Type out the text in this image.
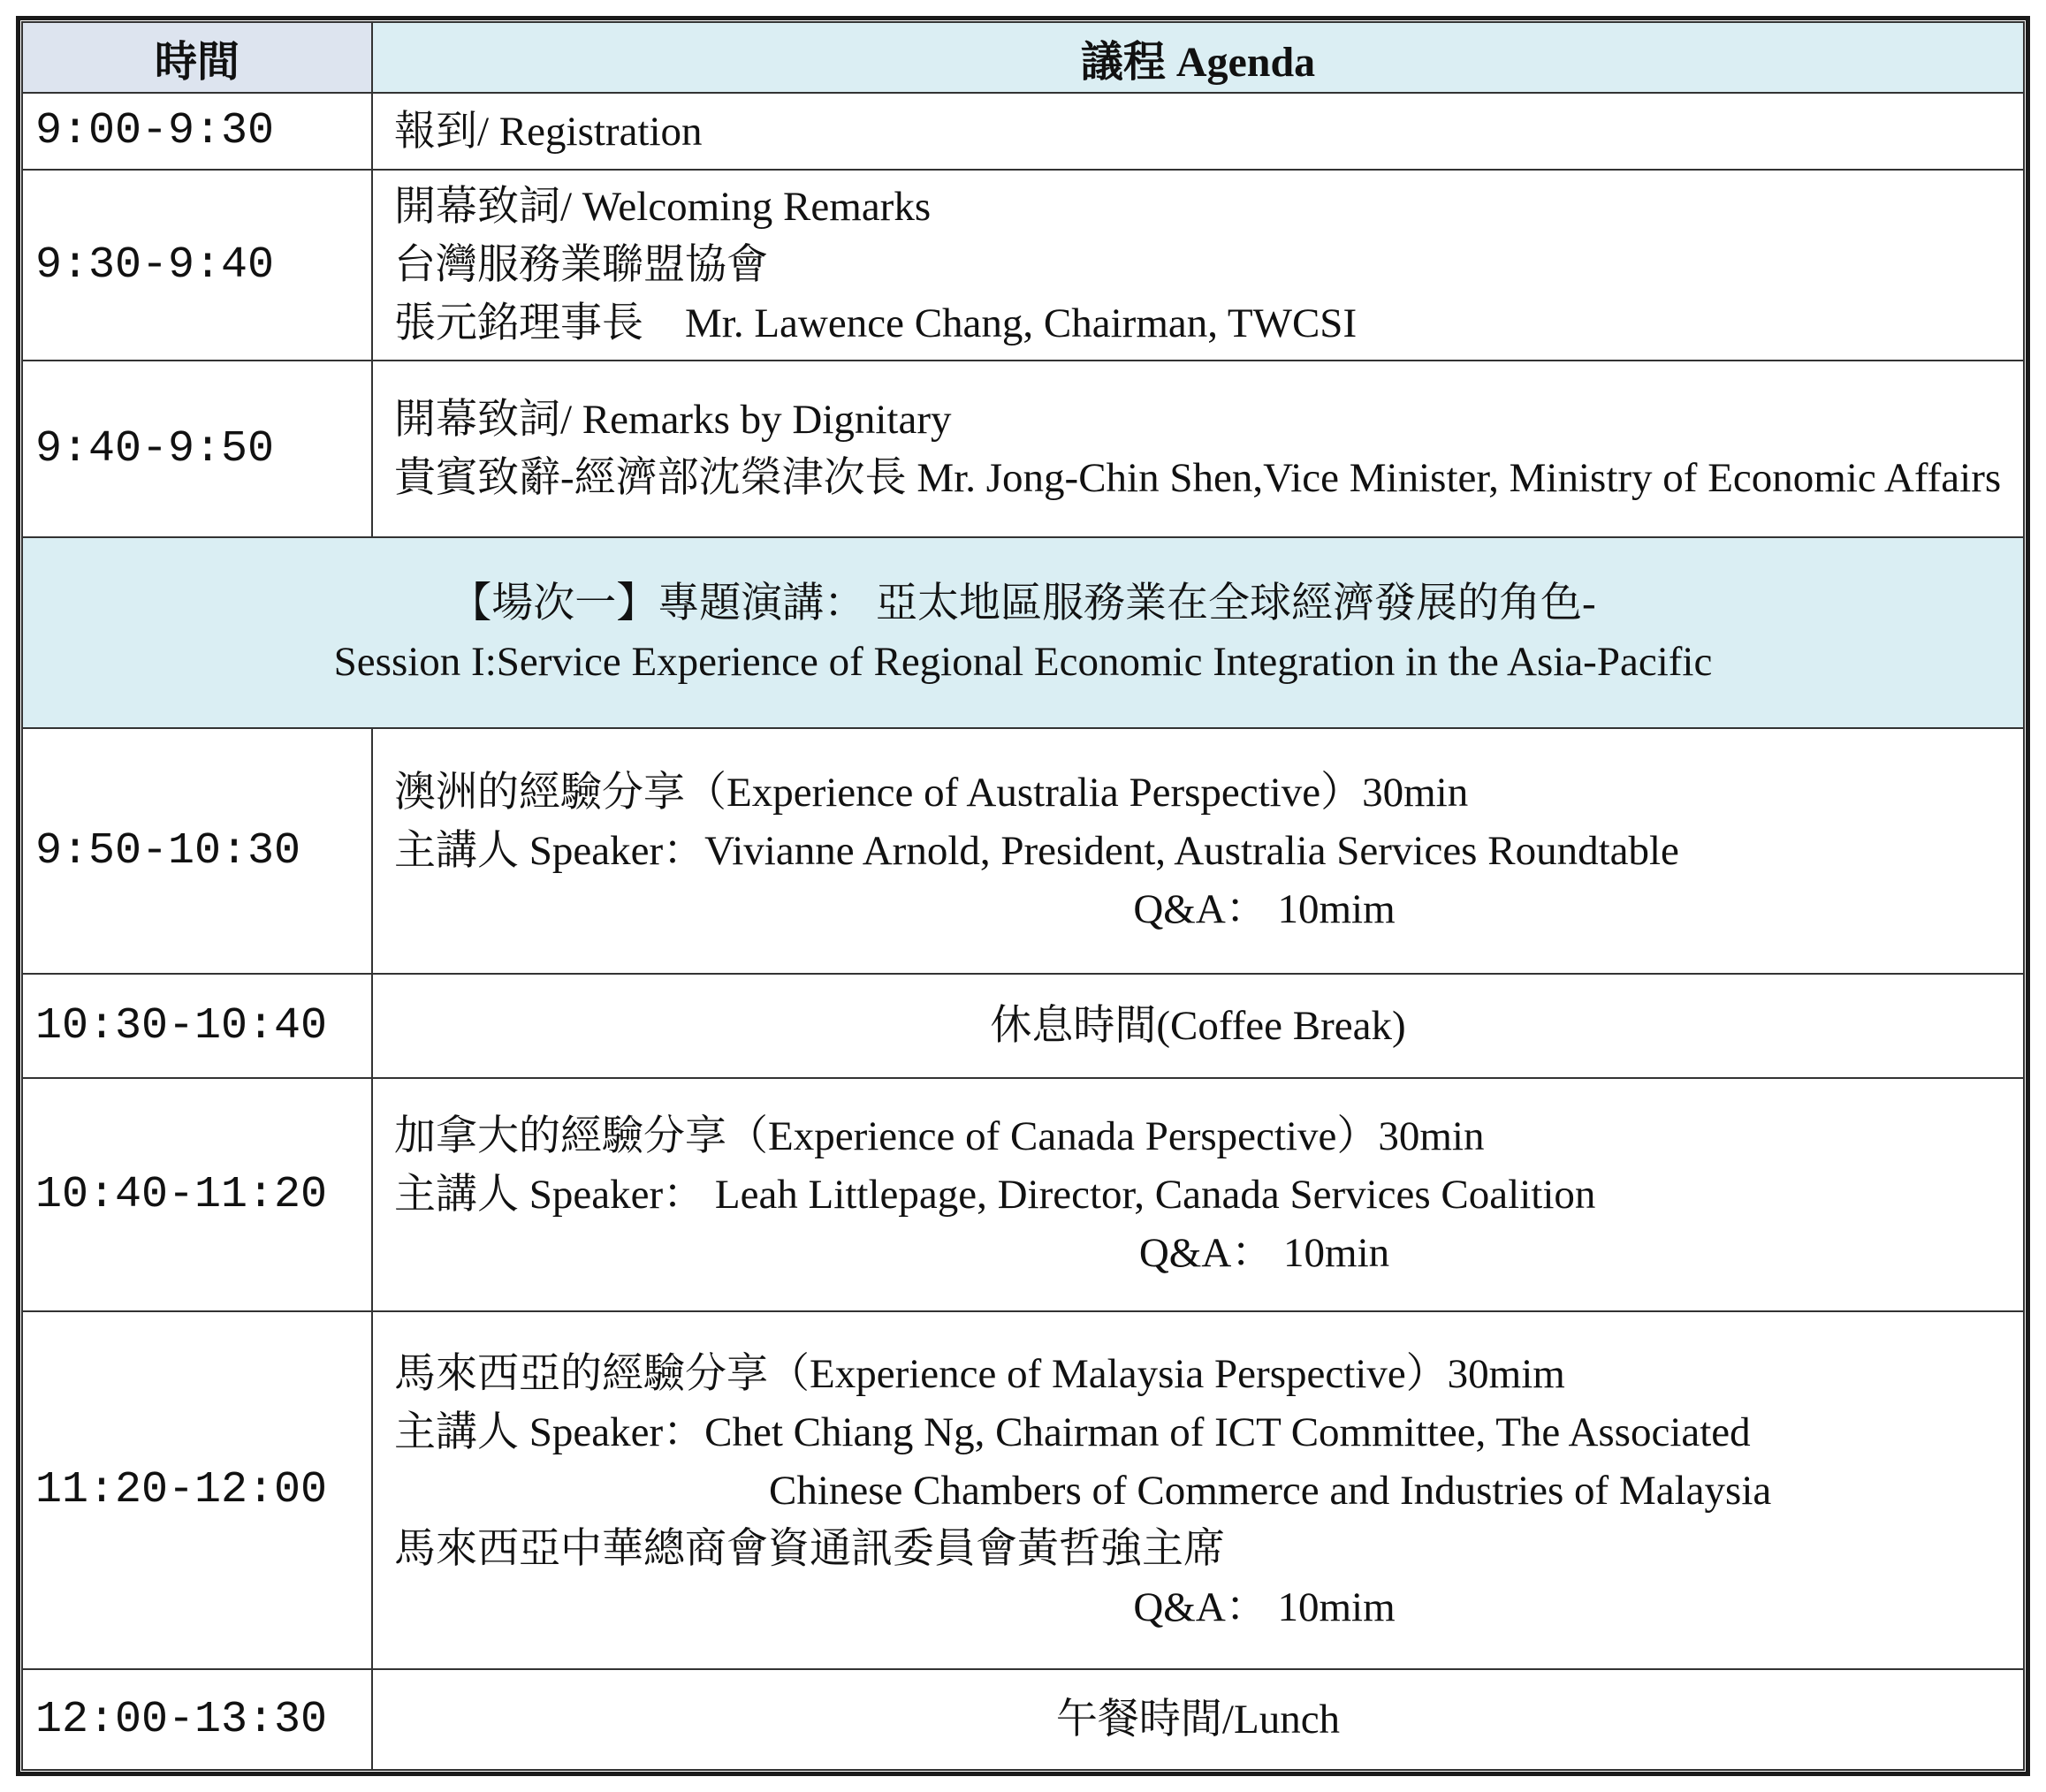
時間	議程 Agenda
9:00-9:30	報到/ Registration

9:30-9:40	開幕致詞/ Welcoming Remarks
台灣服務業聯盟協會
張元銘理事長　Mr. Lawence Chang, Chairman, TWCSI

9:40-9:50	開幕致詞/ Remarks by Dignitary
貴賓致辭-經濟部沈榮津次長 Mr. Jong-Chin Shen,Vice Minister, Ministry of Economic Affairs

【場次一】專題演講： 亞太地區服務業在全球經濟發展的角色-
Session I:Service Experience of Regional Economic Integration in the Asia-Pacific	

9:50-10:30	澳洲的經驗分享（Experience of Australia Perspective）30min
主講人 Speaker：Vivianne Arnold, President, Australia Services Roundtable
Q&A： 10mim

10:30-10:40	休息時間(Coffee Break)

10:40-11:20	加拿大的經驗分享（Experience of Canada Perspective）30min
主講人 Speaker： Leah Littlepage, Director, Canada Services Coalition
Q&A： 10min

11:20-12:00	馬來西亞的經驗分享（Experience of Malaysia Perspective）30mim
主講人 Speaker：Chet Chiang Ng, Chairman of ICT Committee, The Associated
Chinese Chambers of Commerce and Industries of Malaysia
馬來西亞中華總商會資通訊委員會黃哲強主席
Q&A： 10mim

12:00-13:30	午餐時間/Lunch
